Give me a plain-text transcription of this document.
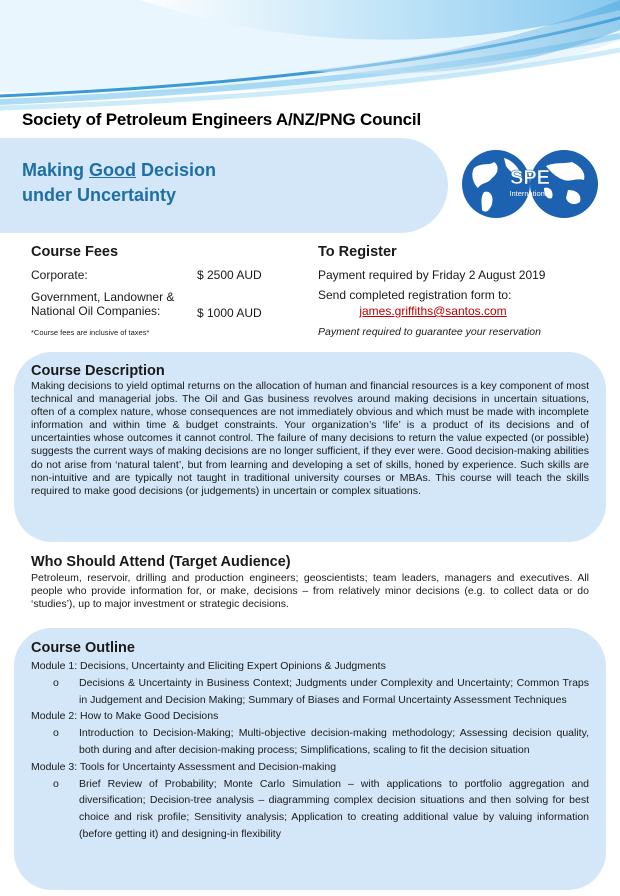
Society of Petroleum Engineers A/NZ/PNG Council
Making Good Decision
under Uncertainty
SPE
International
Course Fees
Corporate:	$ 2500 AUD
Government, Landowner &
National Oil Companies:	$ 1000 AUD
*Course fees are inclusive of taxes*
To Register
Payment required by Friday 2 August 2019
Send completed registration form to:
james.griffiths@santos.com
Payment required to guarantee your reservation
Course Description
Making decisions to yield optimal returns on the allocation of human and financial resources is a key component of most technical and managerial jobs. The Oil and Gas business revolves around making decisions in uncertain situations, often of a complex nature, whose consequences are not immediately obvious and which must be made with incomplete information and within time & budget constraints. Your organization’s ‘life’ is a product of its decisions and of uncertainties whose outcomes it cannot control. The failure of many decisions to return the value expected (or possible) suggests the current ways of making decisions are no longer sufficient, if they ever were. Good decision-making abilities do not arise from ‘natural talent’, but from learning and developing a set of skills, honed by experience. Such skills are non-intuitive and are typically not taught in traditional university courses or MBAs. This course will teach the skills required to make good decisions (or judgements) in uncertain or complex situations.
Who Should Attend (Target Audience)
Petroleum, reservoir, drilling and production engineers; geoscientists; team leaders, managers and executives. All people who provide information for, or make, decisions – from relatively minor decisions (e.g. to collect data or do ‘studies’), up to major investment or strategic decisions.
Course Outline
Module 1: Decisions, Uncertainty and Eliciting Expert Opinions & Judgments
o Decisions & Uncertainty in Business Context; Judgments under Complexity and Uncertainty; Common Traps in Judgement and Decision Making; Summary of Biases and Formal Uncertainty Assessment Techniques
Module 2: How to Make Good Decisions
o Introduction to Decision-Making; Multi-objective decision-making methodology; Assessing decision quality, both during and after decision-making process; Simplifications, scaling to fit the decision situation
Module 3: Tools for Uncertainty Assessment and Decision-making
o Brief Review of Probability; Monte Carlo Simulation – with applications to portfolio aggregation and diversification; Decision-tree analysis – diagramming complex decision situations and then solving for best choice and risk profile; Sensitivity analysis; Application to creating additional value by valuing information (before getting it) and designing-in flexibility
